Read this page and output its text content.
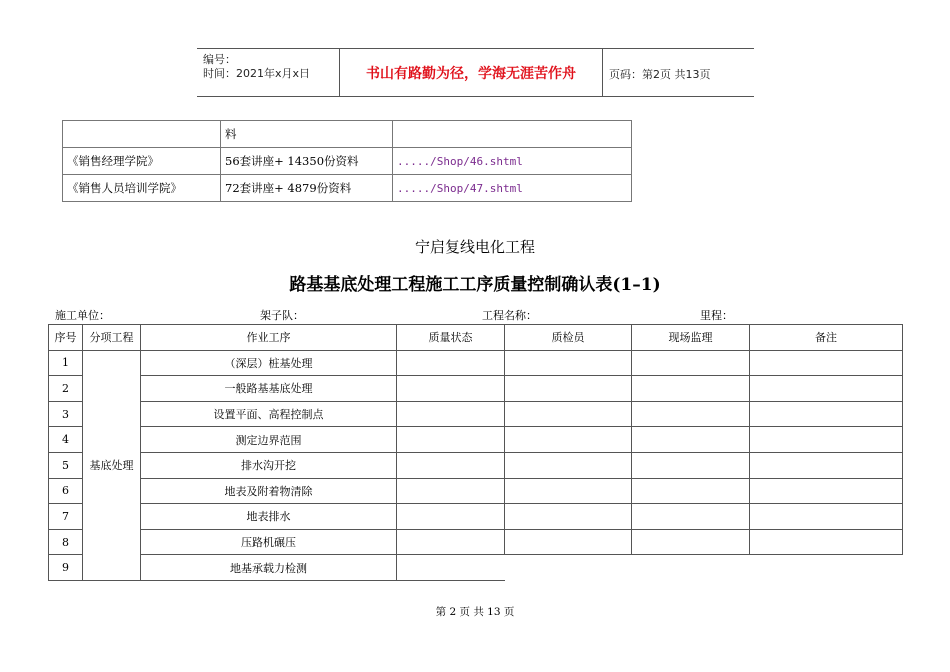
编号：
时间：2021年x月x日	书山有路勤为径，学海无涯苦作舟	页码：第2页 共13页
	料	
《销售经理学院》	56套讲座+ 14350份资料	...../Shop/46.shtml
《销售人员培训学院》	72套讲座+ 4879份资料	...../Shop/47.shtml
宁启复线电化工程
路基基底处理工程施工工序质量控制确认表(1–1)
施工单位：	架子队：	工程名称：	里程：
序号	分项工程	作业工序	质量状态	质检员	现场监理	备注
1	基底处理	（深层）桩基处理				
2		一般路基基底处理				
3		设置平面、高程控制点				
4		测定边界范围				
5		排水沟开挖				
6		地表及附着物清除				
7		地表排水				
8		压路机碾压				
9		地基承载力检测				
第 2 页 共 13 页
